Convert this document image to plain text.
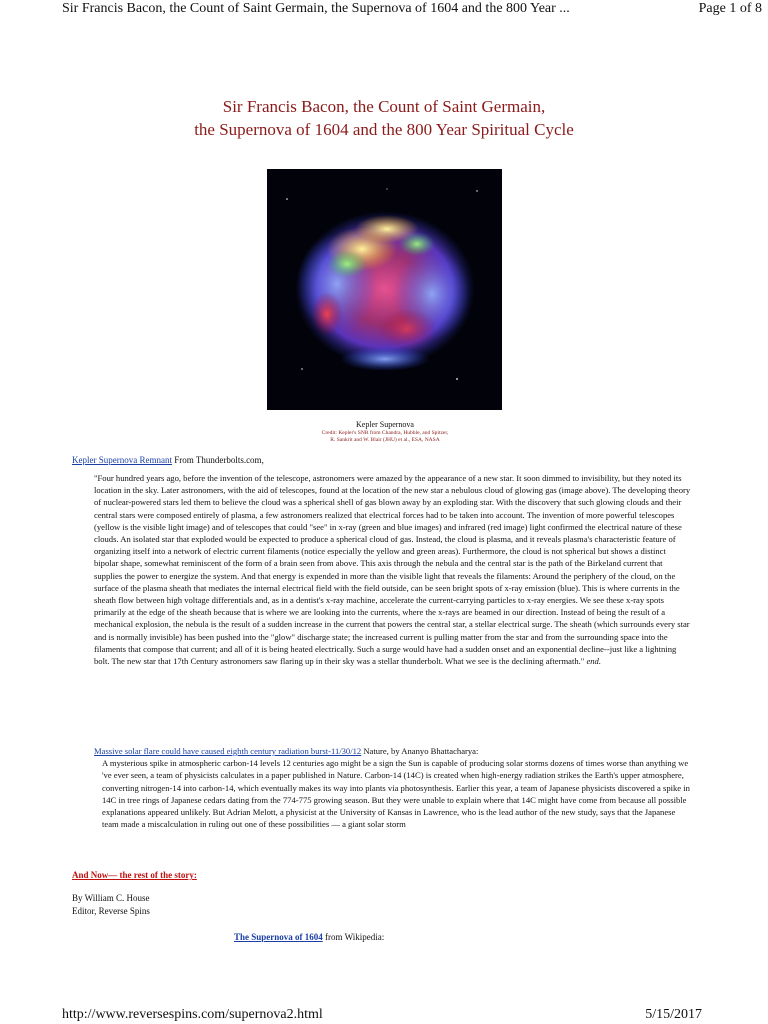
Sir Francis Bacon, the Count of Saint Germain, the Supernova of 1604 and the 800 Year ...	Page 1 of 8
Sir Francis Bacon, the Count of Saint Germain,
the Supernova of 1604 and the 800 Year Spiritual Cycle
Kepler Supernova
Credit: Kepler's SNR from Chandra, Hubble, and Spitzer,
R. Sankrit and W. Blair (JHU) et al., ESA, NASA
Kepler Supernova Remnant From Thunderbolts.com,
"Four hundred years ago, before the invention of the telescope, astronomers were amazed by the appearance of a new star. It soon dimmed to invisibility, but they noted its location in the sky. Later astronomers, with the aid of telescopes, found at the location of the new star a nebulous cloud of glowing gas (image above). The developing theory of nuclear-powered stars led them to believe the cloud was a spherical shell of gas blown away by an exploding star. With the discovery that such glowing clouds and their central stars were composed entirely of plasma, a few astronomers realized that electrical forces had to be taken into account. The invention of more powerful telescopes (yellow is the visible light image) and of telescopes that could "see" in x-ray (green and blue images) and infrared (red image) light confirmed the electrical nature of these clouds. An isolated star that exploded would be expected to produce a spherical cloud of gas. Instead, the cloud is plasma, and it reveals plasma's characteristic feature of organizing itself into a network of electric current filaments (notice especially the yellow and green areas). Furthermore, the cloud is not spherical but shows a distinct bipolar shape, somewhat reminiscent of the form of a brain seen from above. This axis through the nebula and the central star is the path of the Birkeland current that supplies the power to energize the system. And that energy is expended in more than the visible light that reveals the filaments: Around the periphery of the cloud, on the surface of the plasma sheath that mediates the internal electrical field with the field outside, can be seen bright spots of x-ray emission (blue). This is where currents in the sheath flow between high voltage differentials and, as in a dentist's x-ray machine, accelerate the current-carrying particles to x-ray energies. We see these x-ray spots primarily at the edge of the sheath because that is where we are looking into the currents, where the x-rays are beamed in our direction. Instead of being the result of a mechanical explosion, the nebula is the result of a sudden increase in the current that powers the central star, a stellar electrical surge. The sheath (which surrounds every star and is normally invisible) has been pushed into the "glow" discharge state; the increased current is pulling matter from the star and from the surrounding space into the filaments that compose that current; and all of it is being heated electrically. Such a surge would have had a sudden onset and an exponential decline--just like a lightning bolt. The new star that 17th Century astronomers saw flaring up in their sky was a stellar thunderbolt. What we see is the declining aftermath." end.
Massive solar flare could have caused eighth century radiation burst-11/30/12 Nature, by Ananyo Bhattacharya:
A mysterious spike in atmospheric carbon-14 levels 12 centuries ago might be a sign the Sun is capable of producing solar storms dozens of times worse than anything we 've ever seen, a team of physicists calculates in a paper published in Nature. Carbon-14 (14C) is created when high-energy radiation strikes the Earth's upper atmosphere, converting nitrogen-14 into carbon-14, which eventually makes its way into plants via photosynthesis. Earlier this year, a team of Japanese physicists discovered a spike in 14C in tree rings of Japanese cedars dating from the 774-775 growing season. But they were unable to explain where that 14C might have come from because all possible explanations appeared unlikely. But Adrian Melott, a physicist at the University of Kansas in Lawrence, who is the lead author of the new study, says that the Japanese team made a miscalculation in ruling out one of these possibilities — a giant solar storm
And Now— the rest of the story:
By William C. House
Editor, Reverse Spins
The Supernova of 1604 from Wikipedia:
http://www.reversespins.com/supernova2.html	5/15/2017
